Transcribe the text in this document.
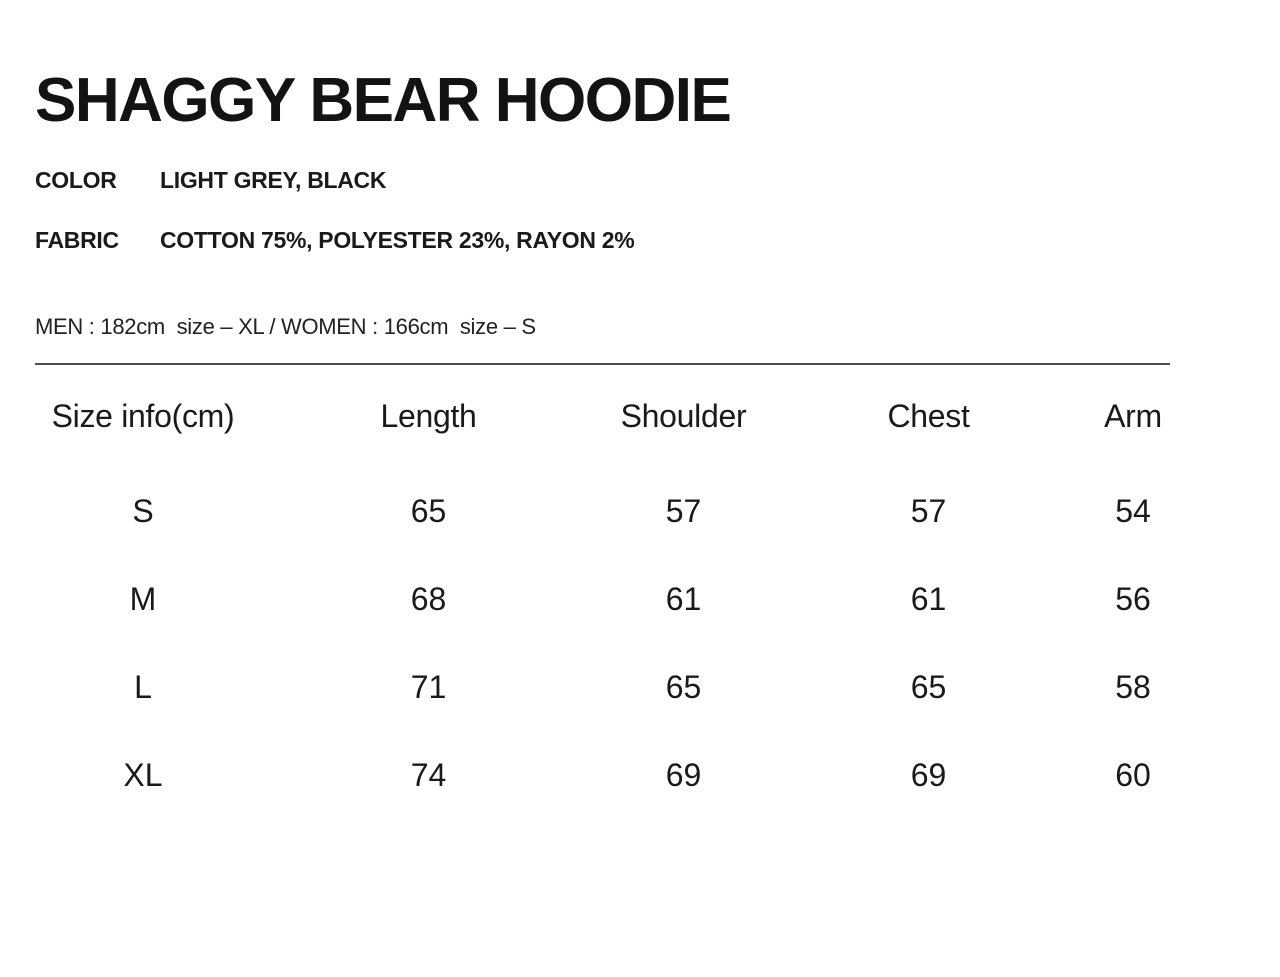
SHAGGY BEAR HOODIE
COLOR	LIGHT GREY, BLACK
FABRIC	COTTON 75%, POLYESTER 23%, RAYON 2%
MEN : 182cm  size – XL / WOMEN : 166cm  size – S
Size info(cm)	Length	Shoulder	Chest	Arm
S	65	57	57	54
M	68	61	61	56
L	71	65	65	58
XL	74	69	69	60
